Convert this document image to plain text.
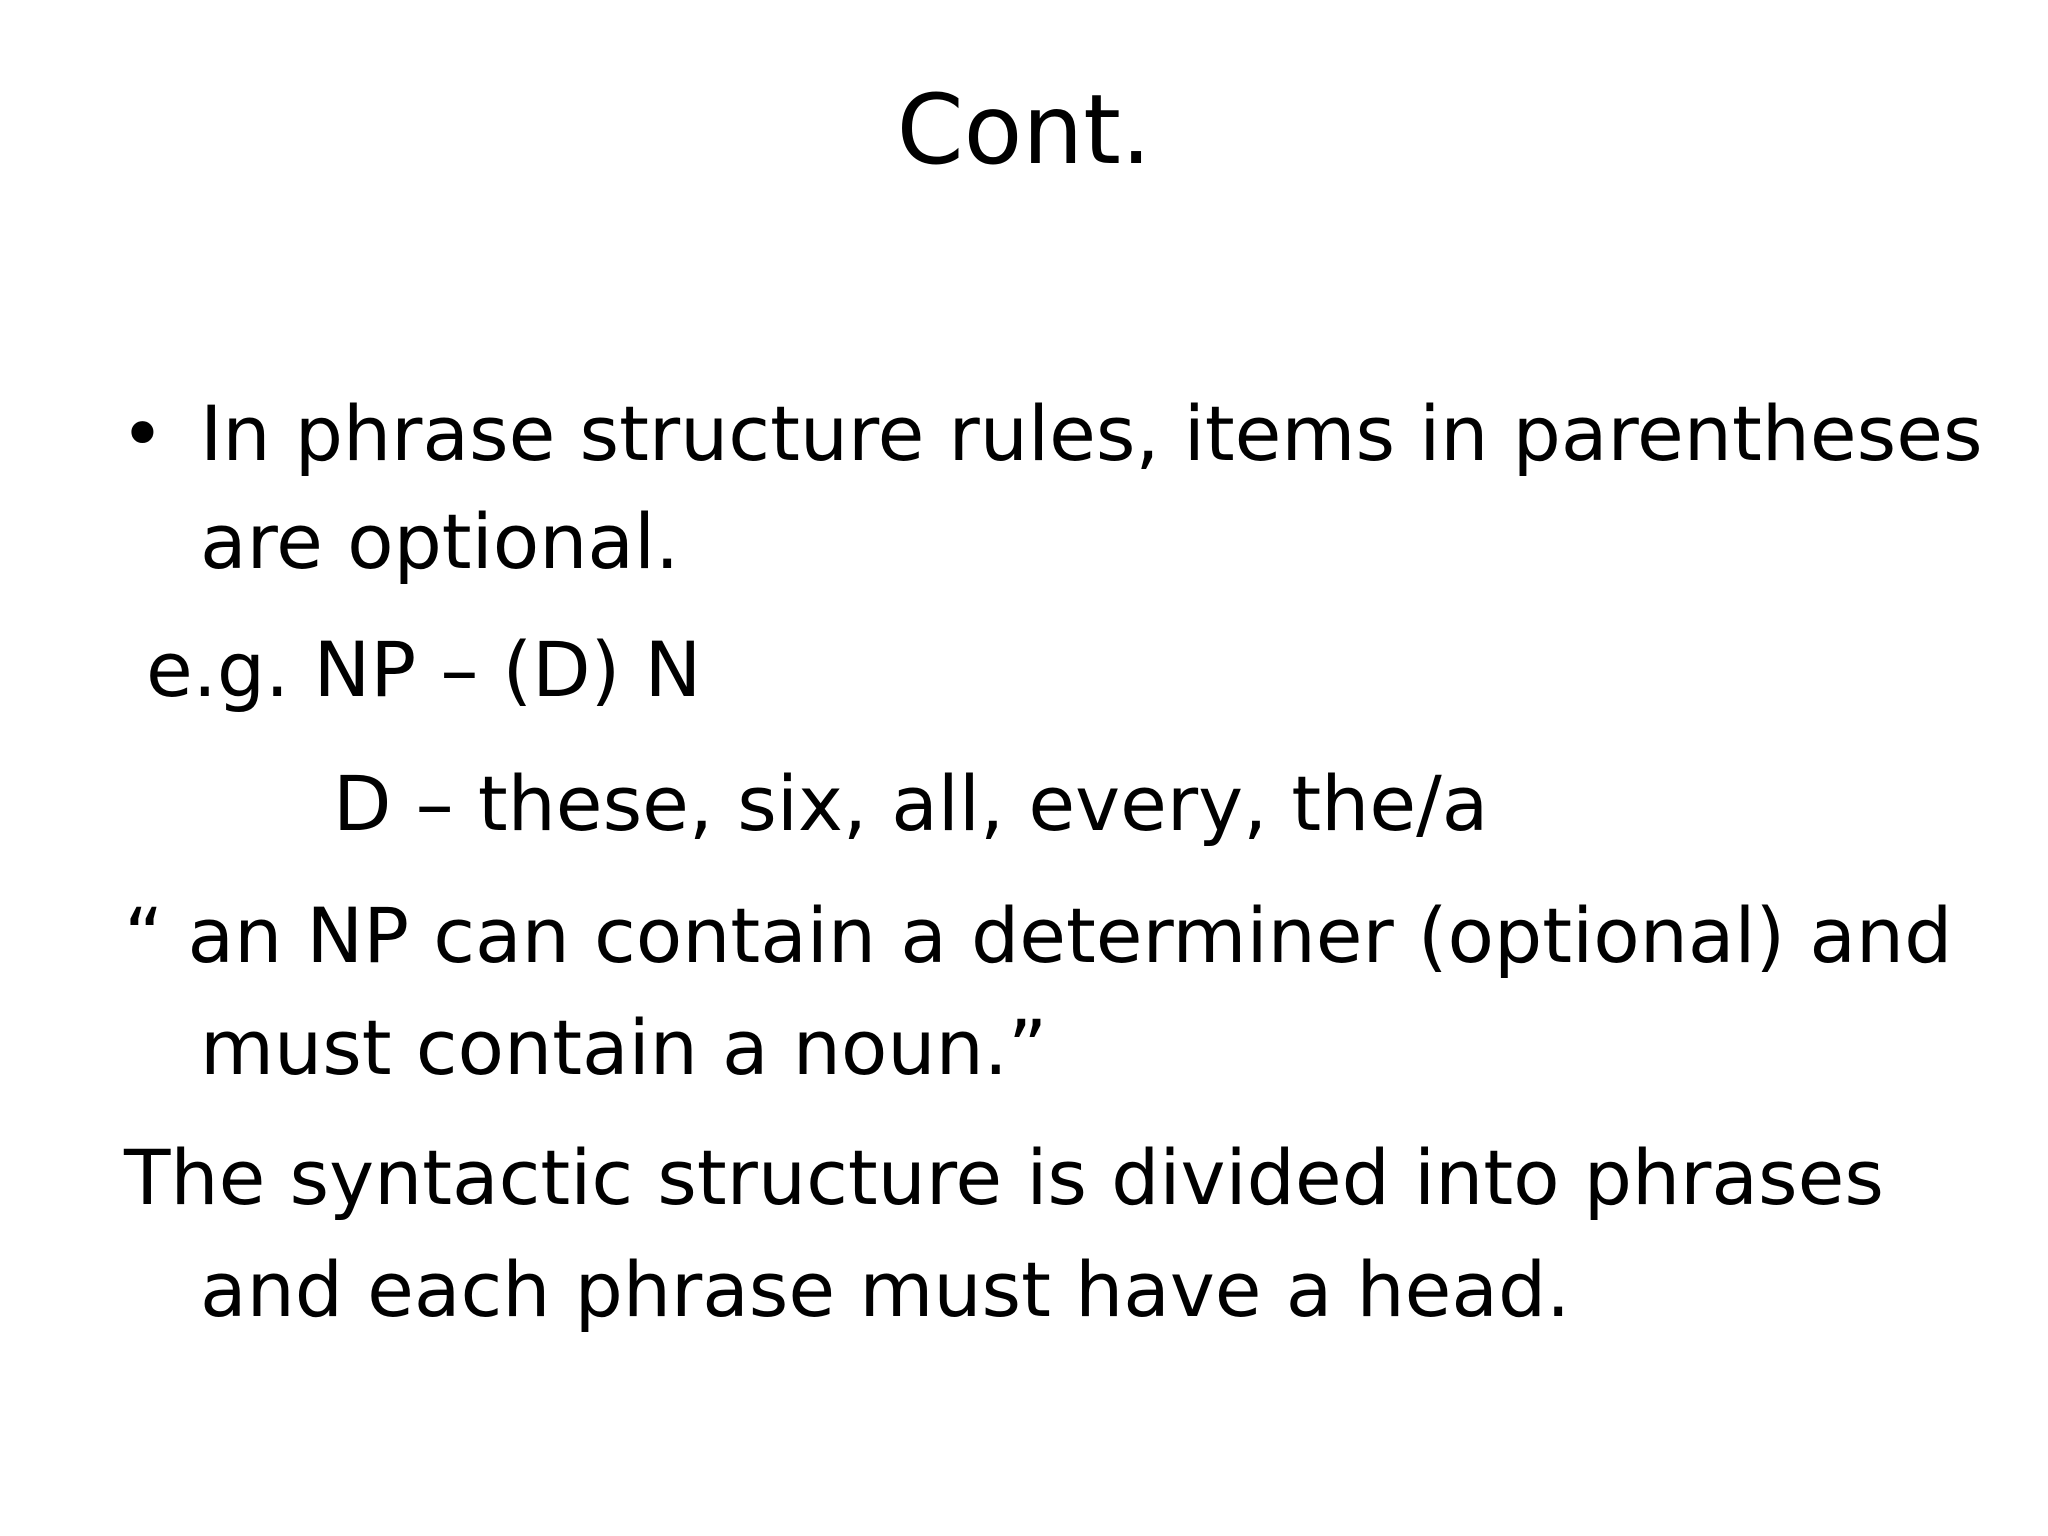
Cont.
• In phrase structure rules, items in parentheses
are optional.
e.g. NP – (D) N
D – these, six, all, every, the/a
“ an NP can contain a determiner (optional) and
must contain a noun.”
The syntactic structure is divided into phrases
and each phrase must have a head.
